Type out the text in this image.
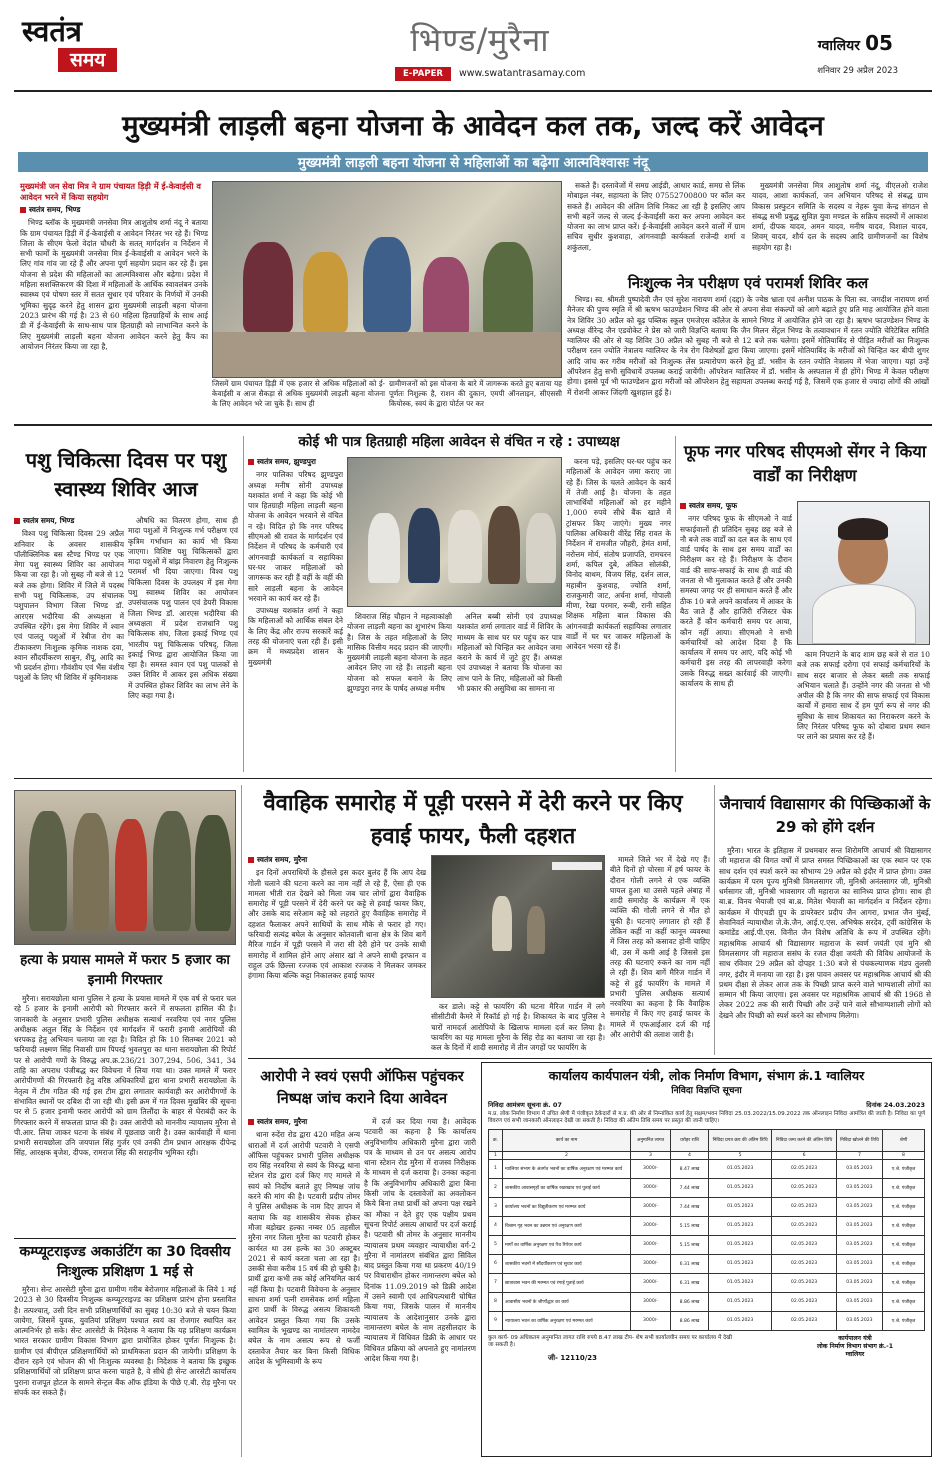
स्वतंत्र
समय
भिण्ड/मुरैना
E-PAPER	www.swatantrasamay.com
ग्वालियर 05
शनिवार 29 अप्रैल 2023
मुख्यमंत्री लाड़ली बहना योजना के आवेदन कल तक, जल्द करें आवेदन
मुख्यमंत्री लाड़ली बहना योजना से महिलाओं का बढ़ेगा आत्मविश्वासः नंदू
मुख्यमंत्री जन सेवा मित्र ने ग्राम पंचायत ड़िड़ी में ई-केवाईसी व आवेदन भरने में किया सहयोग
स्वतंत्र समय, भिण्ड

भिण्ड ब्लॉक के मुख्यमंत्री जनसेवा मित्र आशुतोष शर्मा नंदू ने बताया कि ग्राम पंचायत ड़िड़ी में ई-केवाईसी व आवेदन निरंतर भर रहे हैं। भिण्ड जिला के सीएम फेलो वेदांत चौधरी के सतत् मार्गदर्शन व निर्देशन में सभी फार्मों के मुख्यमंत्री जनसेवा मित्र ई-केवाईसी व आवेदन भरने के लिए गांव गांव जा रहे हैं और अपना पूर्ण सहयोग प्रदान कर रहे हैं। इस योजना से प्रदेश की महिलाओं का आत्मविश्वास और बढ़ेगा। प्रदेश में महिला सशक्तिकरण की दिशा में महिलाओं के आर्थिक स्वावलंबन उनके स्वास्थ्य एवं पोषण स्तर में सतत सुधार एवं परिवार के निर्णयों में उनकी भूमिका सुदृढ़ करने हेतु शासन द्वारा मुख्यमंत्री लाड़ली बहना योजना 2023 प्रारंभ की गई है। 23 से 60 महिला हितग्राहियों के साथ आई डी में ई-केवाईसी के साथ-साथ पात्र हितग्राही को लाभान्वित करने के लिए मुख्यमंत्री लाड़ली बहना योजना आवेदन करने हेतु कैंप का आयोजन निरंतर किया जा रहा है,

जिसमें ग्राम पंचायत ड़िड़ी में एक हजार से अधिक महिलाओं को ई-केवाईसी व आज सैकड़ा से अधिक मुख्यमंत्री लाड़ली बहना योजना के लिए आवेदन भरे जा चुके हैं। साथ ही
ग्रामीणजनों को इस योजना के बारे में जागरूक करते हुए बताया यह पूर्णतः निशुल्क है, राशन की दुकान, एमपी ऑनलाइन, सीएससी कियोस्क, स्वयं के द्वारा पोर्टल पर कर

सकते हैं। दस्तावेजों में समग्र आईडी, आधार कार्ड, समग्र से लिंक मोबाइल नंबर, सहायता के लिए 07552700800 पर कॉल कर सकते हैं। आवेदन की अंतिम तिथि निकट आ रही है इसलिए आप सभी बहनें जल्द से जल्द ई-केवाईसी करा कर अपना आवेदन कर योजना का लाभ प्राप्त करें। ई-केवाईसी आवेदन करने वालों में ग्राम सचिव सुधीर कुशवाहा, आंगनवाड़ी कार्यकर्ता राजेन्दी शर्मा व शकुंतला,

मुख्यमंत्री जनसेवा मित्र आशुतोष शर्मा नंदू, वीएलओ राजेश यादव, आशा कार्यकर्ता, जन अभियान परिषद से संबद्ध ग्राम विकास प्रस्फुटन समिति के सदस्य व नेहरू युवा केन्द्र संगठन से संबद्ध सभी प्रबुद्ध सुविज्ञ युवा मण्डल के सक्रिय सदस्यों में आकाश शर्मा, दीपक यादव, अमन यादव, मनीष यादव, विशाल यादव, शिवम् यादव, शौर्य दल के सदस्य आदि ग्रामीणजनों का विशेष सहयोग रहा है।

निःशुल्क नेत्र परीक्षण एवं परामर्श शिविर कल
भिण्ड। स्व. श्रीमती पुष्पादेवी जैन एवं सुरेश नारायण शर्मा (दद्दा) के ज्येष्ठ भ्राता एवं अनीश पाठक के पिता स्व. जगदीश नारायण शर्मा मैनेजर की पुण्य स्मृति में श्री ऋषभ फाउण्डेशन भिण्ड की ओर से अपना सेवा संकल्पों को आगे बढ़ाते हुए प्रति माह आयोजित होने वाला नेत्र शिविर 30 अप्रैल को बूढ़ पब्लिक स्कूल एमजेएस कॉलेज के सामने भिण्ड में आयोजित होने जा रहा है। ऋषभ फाउण्डेशन भिण्ड के अध्यक्ष वीरेन्द्र जैन एडवोकेट ने प्रेस को जारी विज्ञप्ति बताया कि जैन मिलन सेंट्रल भिण्ड के तत्वावधान में रतन ज्योति चेरिटेबिल समिति ग्वालियर की ओर से यह शिविर 30 अप्रैल को सुबह नौ बजे से 12 बजे तक चलेगा। इसमें मोतियाबिंद से पीड़ित मरीजों का निःशुल्क परीक्षण रतन ज्योति नेत्रालय ग्वालियर के नेत्र रोग विशेषज्ञों द्वारा किया जाएगा। इसमें मोतियाबिंद के मरीजों को चिन्हित कर बीपी शुगर आदि जांच कर गरीब मरीजों को निःशुल्क लेंस प्रत्यारोपण करने हेतु डॉ. भसीन के रतन ज्योति नेत्रालय में भेजा जाएगा। यहां उन्हें ऑपरेशन हेतु सभी सुविधायें उपलब्ध कराई जायेंगी। ऑपरेशन ग्वालियर में डॉ. भसीन के अस्पताल में ही होंगे। भिण्ड में केवल परीक्षण होगा। इससे पूर्व भी फाउण्डेशन द्वारा मरीजों को ऑपरेशन हेतु सहायता उपलब्ध कराई गई है, जिसमें एक हजार से ज्यादा लोगों की आंखों में रोशनी आकर जिंदगी खुशहाल हुई है।
पशु चिकित्सा दिवस पर पशु स्वास्थ्य शिविर आज
स्वतंत्र समय, भिण्ड

विश्व पशु चिकित्सा दिवस 29 अप्रैल शनिवार के अवसर शासकीय पॉलीक्लिनिक बस स्टैण्ड भिण्ड पर एक मेगा पशु स्वास्थ्य शिविर का आयोजन किया जा रहा है। जो सुबह नौ बजे से 12 बजे तक होगा। शिविर में जिले में पदस्थ सभी पशु चिकित्सक, उप संचालक पशुपालन विभाग जिला भिण्ड डॉ. आरएस भदौरिया की अध्यक्षता में उपस्थित रहेंगे। इस मेगा शिविर में श्वान एवं पालतू पशुओं में रेबीज रोग का टीकाकरण निःशुल्क कृमिक नाशक दवा, श्वान सौंदर्यीकरण साबुन, शैंपू, आदि का भी प्रदर्शन होगा। गौवंशीय एवं भैंस वंशीय पशुओं के लिए भी शिविर में कृमिनाशक

औषधि का वितरण होगा, साथ ही मादा पशुओं में निःशुल्क गर्भ परीक्षण एवं कृत्रिम गर्भाधान का कार्य भी किया जाएगा। विशिष्ट पशु चिकित्सकों द्वारा मादा पशुओं में बांझ निवारण हेतु निःशुल्क परामर्श भी दिया जाएगा। विश्व पशु चिकित्सा दिवस के उपलक्ष्य में इस मेगा पशु स्वास्थ्य शिविर का आयोजन उपसंचालक पशु पालन एवं डेयरी विकास जिला भिण्ड डॉ. आरएस भदौरिया की अध्यक्षता में प्रदेश राजधानि पशु चिकित्सक संघ, जिला इकाई भिण्ड एवं भारतीय पशु चिकित्सक परिषद्, जिला इकाई भिण्ड द्वारा आयोजित किया जा रहा है। समस्त श्वान एवं पशु पालकों से उक्त शिविर में आकर इस अधिक संख्या में उपस्थित होकर शिविर का लाभ लेने के लिए कहा गया है।

कोई भी पात्र हितग्राही महिला आवेदन से वंचित न रहे : उपाध्यक्ष
स्वतंत्र समय, झुण्डपुरा

नगर पालिका परिषद झुण्डपुरा अध्यक्ष मनीष सोनी उपाध्यक्ष यशकांत शर्मा ने कहा कि कोई भी पात्र हितग्राही महिला लाड़ली बहना योजना के आवेदन भरवाने से वंचित न रहे। विदित हो कि नगर परिषद सीएमओ श्री रावत के मार्गदर्शन एवं निर्देशन में परिषद के कर्मचारी एवं आंगनवाड़ी कार्यकर्ता व सहायिका घर-घर जाकर महिलाओं को जागरूक कर रही हैं वहीं के वहीं की सारे लाड़ली बहना के आवेदन भरवाने का कार्य कर रहे हैं।

उपाध्यक्ष यशकांत शर्मा ने कहा कि महिलाओं को आर्थिक संबल देने के लिए केंद्र और राज्य सरकारें कई तरह की योजनाएं चला रही हैं। इसी क्रम में मध्यप्रदेश शासन के मुख्यमंत्री

शिवराज सिंह चौहान ने महत्वाकांक्षी योजना लाड़ली बहना का शुभारंभ किया है। जिस के तहत महिलाओं के लिए मासिक वित्तीय मदद प्रदान की जाएगी। मुख्यमंत्री लाड़ली बहना योजना के तहत आवेदन लिए जा रहे हैं। लाड़ली बहना योजना को सफल बनाने के लिए झुण्डपुरा नगर के पार्षद अध्यक्ष मनीष

अनिल बब्बी सोनी एवं उपाध्यक्ष यशकांत शर्मा लगातार वार्ड में शिविर के माध्यम के साथ घर घर पहुंच कर पात्र महिलाओं को चिन्हित कर आवेदन जमा कराने के कार्य में जुटे हुए हैं। अध्यक्ष एवं उपाध्यक्ष ने बताया कि योजना का लाभ पाने के लिए, महिलाओं को किसी भी प्रकार की असुविधा का सामना ना

करना पड़े, इसलिए घर-घर पहुंच कर महिलाओं के आवेदन जमा कराए जा रहे हैं। जिस के चलते आवेदन के कार्य में तेजी आई है। योजना के तहत लाभार्थियों महिलाओं को हर महीने 1,000 रुपये सीधे बैंक खाते में ट्रांसफर किए जाएंगे। मुख्य नगर पालिका अधिकारी वीरेंद्र सिंह रावत के निर्देशन में रामजीत जौहरी, हेमंत शर्मा, नरोत्तम मोर्य, संतोष प्रजापति, रामचरन शर्मा, कपिल दुबे, अंकित सोलंकी, विनोद बाथम, विजय सिंह, दर्शन लाल, महाबीन कुशवाह, ज्योति शर्मा, राजकुमारी जाट, अर्चना शर्मा, गोपाली मीणा, रेखा परमार, रूबी, रानी सहित शिक्षक महिला बाल विकास की आंगनवाड़ी कार्यकर्ता सहायिका लगातार वार्डों में घर घर जाकर महिलाओं के आवेदन भरवा रहे हैं।

फूफ नगर परिषद सीएमओ सेंगर ने किया वार्डों का निरीक्षण
स्वतंत्र समय, फूफ

नगर परिषद फूफ के सीएमओ ने वार्ड सफाईवालों ही प्रतिदिन सुबह छह बजे से नौ बजे तक वार्डों का दल बल के साथ एवं वार्ड पार्षद के साथ इस समय वार्डों का निरीक्षण कर रहे हैं। निरीक्षण के दौरान वार्ड की साफ-सफाई के साथ ही वार्ड की जनता से भी मुलाकात करते हैं और उनकी समस्या जगह पर ही समाधान करते हैं और ठीक 10 बजे अपने कार्यालय में आकर के बैठ जाते हैं और हाजिरी रजिस्टर चेक करते हैं कौन कर्मचारी समय पर आया, कौन नहीं आया। सीएमओ ने सभी कर्मचारियों को आदेश दिया है कि कार्यालय में समय पर आएं, यदि कोई भी कर्मचारी इस तरह की लापरवाही करेगा उसके विरुद्ध सख्त कार्रवाई की जाएगी। कार्यालय के साथ ही

काम निपटाने के बाद शाम छह बजे से रात 10 बजे तक सफाई दरोगा एवं सफाई कर्मचारियों के साथ सदर बाजार से लेकर बस्ती तक सफाई अभियान चलाते हैं। उन्होंने नगर की जनता से भी अपील की है कि नगर की साफ सफाई एवं विकास कार्यों में हमारा साथ दें हम पूर्ण रूप से नगर की सुविधा के साथ शिकायत का निराकरण करने के लिए निरंतर परिषद फूफ को दोबारा प्रथम स्थान पर लाने का प्रयास कर रहे हैं।

हत्या के प्रयास मामले में फरार 5 हजार का इनामी गिरफ्तार
मुरैना। सरायछोला थाना पुलिस ने हत्या के प्रयास मामले में एक वर्ष से फरार चल रहे 5 हजार के इनामी आरोपी को गिरफ्तार करने में सफलता हासिल की है। जानकारी के अनुसार प्रभारी पुलिस अधीक्षक सत्यार्थ नरवरिया एवं नगर पुलिस अधीक्षक अतुल सिंह के निर्देशन एवं मार्गदर्शन में फरारी इनामी आरोपियों की धरपकड़ हेतु अभियान चलाया जा रहा है। विदित हो कि 10 सितम्बर 2021 को फरियादी लक्ष्मण सिंह निवासी ग्राम पिपरई भुवलपुरा का थाना सरायछोला की रिपोर्ट पर से आरोपी गणों के विरुद्ध अप.क्र.236/21 307,294, 506, 341, 34 ताहि का अपराध पंजीबद्ध कर विवेचना में लिया गया था। उक्त मामले में फरार आरोपीगणों की गिरफ्तारी हेतु वरिष्ठ अधिकारियों द्वारा थाना प्रभारी सरायछोला के नेतृत्व में टीम गठित की गई इस टीम द्वारा लगातार कार्यवाही कर आरोपीगणों के संभावित स्थानों पर दबिश दी जा रही थी। इसी क्रम में गत दिवस मुखबिर की सूचना पर से 5 हजार इनामी फरार आरोपी को ग्राम तिलौंदा के बाहर से घेराबंदी कर के गिरफ्तार करने में सफलता प्राप्त की है। उक्त आरोपी को माननीय न्यायालय मुरैना से पी.आर. लिया जाकर घटना के संबंध में पूछताछ जारी है। उक्त कार्यवाही में थाना प्रभारी सरायछोला उनि जयपाल सिंह गुर्जर एवं उनकी टीम प्रधान आरक्षक दीपेन्द्र सिंह, आरक्षक बृजेश, दीपक, रामराज सिंह की सराहनीय भूमिका रही।
कम्प्यूटराइज्ड अकाउंटिंग का 30 दिवसीय निःशुल्क प्रशिक्षण 1 मई से
मुरैना। सेन्ट आरसेटी मुरैना द्वारा ग्रामीण गरीब बेरोजगार महिलाओं के लिये 1 मई 2023 से 30 दिवसीय निःशुल्क कम्प्यूटराइज्ड का प्रशिक्षण प्रारंभ होना प्रस्तावित है। तत्पश्चात्, उसी दिन सभी प्रशिक्षणार्थियों का सुबह 10:30 बजे से चयन किया जायेगा, जिसमें युवक, युवतियां प्रशिक्षण पश्चात स्वयं का रोजगार स्थापित कर आत्मनिर्भर हो सके। सेन्ट आरसेटी के निदेशक ने बताया कि यह प्रशिक्षण कार्यक्रम भारत सरकार ग्रामीण विकास विभाग द्वारा प्रायोजित होकर पूर्णतः निःशुल्क है। ग्रामीण एवं बीपीएल प्रशिक्षणार्थियों को प्राथमिकता प्रदान की जायेगी। प्रशिक्षण के दौरान रहने एवं भोजन की भी निःशुल्क व्यवस्था है। निदेशक ने बताया कि इच्छुक प्रशिक्षणार्थियों जो प्रशिक्षण प्राप्त करना चाहते है, वे सीधे ही सेन्ट आरसेटी कार्यालय पुराना राजपूत होटल के सामने सेन्ट्रल बैंक ऑफ इंडिया के पीछे ए.बी. रोड़ मुरैना पर संपर्क कर सकते हैं।
वैवाहिक समारोह में पूड़ी परसने में देरी करने पर किए हवाई फायर, फैली दहशत
स्वतंत्र समय, मुरैना

इन दिनों अपराधियों के हौसले इस कदर बुलंद हैं कि आप देख गोली चलाने की घटना करने का नाम नहीं ले रहे हैं, ऐसा ही एक मामला भीती रात देखने को मिला जब चार लोगों द्वारा वैवाहिक समारोह में पूड़ी परसने में देरी करने पर कट्टे से हवाई फायर किए, और उसके बाद सरेआम कट्टे को लहराते हुए वैवाहिक समारोह में दहशत फैलाकर अपने साथियों के साथ मौके से फरार हो गए। फरियादी सत्यंद्र बघेल के अनुसार कोतवाली थाना क्षेत्र के शिव बागें मैरिज गार्डन में पूड़ी परसने में जरा सी देरी होने पर उनके साथी समारोह में शामिल होने आए अंसार खां ने अपने साथी इरफान व राहुल उर्फ छिल्ला रज्जक एवं आकाश रज्जक ने मिलकर जमकर हंगामा किया बल्कि कट्टा निकालकर हवाई फायर

कर डाले। कट्टे से फायरिंग की घटना मैरिज गार्डन में लगे सीसीटीवी कैमरे में रिकॉर्ड हो गई है। शिकायत के बाद पुलिस ने चारों नामदर्ज आरोपियों के खिलाफ मामला दर्ज कर लिया है। फायरिंग का यह मामला मुरैना के सिंह रोड़ का बताया जा रहा है। कल के दिनों में शादी समारोह में तीन जगहों पर फायरिंग के

मामले जिले भर में देखे गए हैं। बीते दिनों हो चोरसा में हर्ष फायर के दौरान गोली लगने से एक व्यक्ति घायल हुआ था उससे पहले अंबाह में शादी समारोह के कार्यक्रम में एक व्यक्ति की गोली लगने से मौत हो चुकी है। घटनाएं लगातार हो रही हैं लेकिन कहीं ना कहीं कानून व्यवस्था में जिस तरह को कसावट होनी चाहिए थी, उस में कमी आई है जिससे इस तरह की घटनाएं रुकने का नाम नहीं ले रही हैं। शिव बागें मैरिज गार्डन में कट्टे से हुई फायरिंग के मामले में प्रभारी पुलिस अधीक्षक सत्यार्थ नरवरिया का कहना है कि वैवाहिक समारोह में किए गए हवाई फायर के मामले में एफआईआर दर्ज की गई और आरोपी की तलाश जारी है।

जैनाचार्य विद्यासागर की पिच्छिकाओं के 29 को होंगे दर्शन
मुरैना। भारत के इतिहास में प्रथमबार सन्त शिरोमणि आचार्य श्री विद्यासागर जी महाराज की विगत वर्षों में प्राप्त समस्त पिच्छिकाओं का एक स्थान पर एक साथ दर्शन एवं स्पर्श करने का सौभाग्य 29 अप्रैल को इंदौर में प्राप्त होगा। उक्त कार्यक्रम में परम पूज्य मुनिश्री विमलसागर जी, मुनिश्री अनंतसागर जी, मुनिश्री धर्मसागर जी, मुनिश्री भावसागर जी महाराज का सानिध्य प्राप्त होगा। साथ ही बा.ब्र. विनय भैयाजी एवं बा.ब्र. मितेश भैयाजी का मार्गदर्शन व निर्देशन रहेगा। कार्यक्रम में पीएचडी ग्रुप के डायरेक्टर प्रदीप जैन आगरा, प्रभात जैन मुंबई, सेवानिवर्त न्यायाधीश जे.के.जैन, आई.ए.एस. अभिषेक सरदेव, ट्वीं कांग्रेसिस के कमांडेंड आई.पी.एस. विनीत जैन विशेष अतिथि के रूप में उपस्थित रहेंगे। महाश्रमिक आचार्य श्री विद्यासागर महाराज के स्वर्ण जयंती एवं मुनि श्री विमलसागर जी महाराज ससंघ के रजत दीक्षा जयंती की विविध आयोजनों के साथ रविवार 29 अप्रैल को दोपहर 1:30 बजे से पंचकल्याणक मंडप तुलसी नगर, इंदौर में मनाया जा रहा है। इस पावन अवसर पर महाश्रमिक आचार्य श्री की प्रथम दीक्षा से लेकर आज तक के पिच्छी प्राप्त करने वाले भाग्यशाली लोगों का सम्मान भी किया जाएगा। इस अवसर पर महाश्रमिक आचार्य श्री की 1968 से लेकर 2022 तक की सारी पिच्छी और उन्हें पाने वाले सौभाग्यशाली लोगों को देखने और पिच्छी को स्पर्श करने का सौभाग्य मिलेगा।
आरोपी ने स्वयं एसपी ऑफिस पहुंचकर निष्पक्ष जांच कराने दिया आवेदन
स्वतंत्र समय, मुरैना

थाना रुदेंरा रोड द्वारा 420 महित अन्य धाराओं में दर्ज आरोपी पटवारी ने एसपी ऑफिस पहुंचकर प्रभारी पुलिस अधीक्षक राय सिंह नरवरिया से स्वयं के विरुद्ध थाना स्टेशन रोड द्वारा दर्ज किए गए मामले में स्वयं को निर्दोष बताते हुए निष्पक्ष जांच करने की मांग की है। पटवारी प्रदीप तोमर ने पुलिस अधीक्षक के नाम दिए ज्ञापन में बताया कि वह शासकीय सेवक होकर मौजा बड़ोखर हल्का नम्बर 05 तहसील मुरैना नगर जिला मुरैना का पटवारी होकर कार्यरत था उस हल्के का 30 अक्टूबर 2021 से कार्य करता चला आ रहा है। उसकी सेवा करीब 15 वर्ष की हो चुकी है। प्रार्थी द्वारा कभी तक कोई अनियमित कार्य नहीं किया है। पटवारी विवेचना के अनुसार साधना शर्मा पत्नी रामसेवक शर्मा महिला द्वारा प्रार्थी के विरुद्ध असत्य शिकायती आवेदन प्रस्तुत किया गया कि उसके स्वामित्व के भूखण्ड का नामांतरण नामदेव बघेल के नाम असत्य रूप से फर्जी दस्तावेज तैयार कर बिना किसी विधिक आदेश के भूमिस्वामी के रूप

में दर्ज कर दिया गया है। आवेदक पटवारी का कहना है कि कार्यालय अनुविभागीय अधिकारी मुरैना द्वारा जारी पत्र के माध्यम से उन पर असत्य आरोप थाना स्टेशन रोड मुरैना में राजस्व निरीक्षक के माध्यम से दर्ज कराया है। उनका कहना है कि अनुविभागीय अधिकारी द्वारा बिना किसी जांच के दस्तावेजों का अवलोकन किये बिना तथा प्रार्थी को अपना पक्ष रखने का मौका न देते हुए एक पक्षीय प्रथम सूचना रिपोर्ट असत्य आधारों पर दर्ज कराई है। पटवारी श्री तोमर के अनुसार माननीय न्यायालय प्रथम व्यवहार न्यायाधीश वर्ग-2 मुरैना में नामांतरण संबंधित द्वारा सिविल बाद प्रस्तुत किया गया था प्रकरण 40/19 पर विचाराधीन होकर नामान्तरण बघेल को दिनांक 11.09.2019 को डिक्री आदेश में उसने स्वामी एवं आधिपत्यधारी घोषित किया गया, जिसके पालन में माननीय न्यायालय के आदेशानुसार उनके द्वारा नामान्तरण बघेल के नाम तहसीलदार के न्यायालय में विधिवत डिक्री के आधार पर विधिवत प्रक्रिया को अपनाते हुए नामांतरण आदेश किया गया है।

कार्यालय कार्यपालन यंत्री, लोक निर्माण विभाग, संभाग क्रं.1 ग्वालियर
निविदा विज्ञप्ति सूचना
निविदा आमंत्रण सूचना क्रं. 07	दिनांक 24.03.2023
म.प्र. लोक निर्माण विभाग में उचित श्रेणी में पंजीकृत ठेकेदारों से म.प्र. की ओर से निम्नांकित कार्य हेतु सक्षम/भवन निविदा 25.03.2022/15.09.2022 तक ऑनलाइन निविदा आमंत्रित की जाती है। निविदा का पूर्ण विवरण एवं सभी जानकारी ऑनलाइन देखी जा सकती है। निविदा की अंतिम तिथि समय पर प्रस्तुत की जानी चाहिए।
क्र.	कार्य का नाम	अनुमानित लागत	धरोहर राशि	निविदा प्रपत्र क्रय की अंतिम तिथि	निविदा जमा करने की अंतिम तिथि	निविदा खोलने की तिथि	श्रेणी
1	2	3	4	5	6	7	8
1	ग्वालियर संभाग के अंतर्गत भवनों का वार्षिक अनुरक्षण एवं मरम्मत कार्य	3000/-	8.47 लाख	01.05.2023	02.05.2023	03.05.2023	ए.श्रे. पंजीकृत
2	शासकीय आवासगृहों का वार्षिक रखरखाव एवं पुताई कार्य	3000/-	7.44 लाख	01.05.2023	02.05.2023	03.05.2023	ए.श्रे. पंजीकृत
3	कार्यालय भवनों का विद्युतीकरण एवं मरम्मत कार्य	3000/-	7.44 लाख	01.05.2023	02.05.2023	03.05.2023	ए.श्रे. पंजीकृत
4	विश्राम गृह भवन का उन्नयन एवं अनुरक्षण कार्य	3000/-	5.15 लाख	01.05.2023	02.05.2023	03.05.2023	ए.श्रे. पंजीकृत
5	मार्गों का वार्षिक अनुरक्षण एवं पैच रिपेयर कार्य	3000/-	5.15 लाख	01.05.2023	02.05.2023	03.05.2023	ए.श्रे. पंजीकृत
6	शासकीय भवनों में सौंदर्यीकरण एवं सुधार कार्य	3000/-	6.31 लाख	01.05.2023	02.05.2023	03.05.2023	ए.श्रे. पंजीकृत
7	छात्रावास भवन की मरम्मत एवं रंगाई पुताई कार्य	3000/-	6.31 लाख	01.05.2023	02.05.2023	03.05.2023	ए.श्रे. पंजीकृत
8	आवासीय भवनों के जीर्णोद्धार का कार्य	3000/-	8.86 लाख	01.05.2023	02.05.2023	03.05.2023	ए.श्रे. पंजीकृत
9	न्यायालय भवन का वार्षिक अनुरक्षण एवं मरम्मत कार्य	3000/-	8.86 लाख	01.05.2023	02.05.2023	03.05.2023	ए.श्रे. पंजीकृत
कुल कार्य- 09 अधिकतम अनुमानित लागत राशि रुपये 8.47 लाख टीप- शेष सभी कार्यालयीन समय पर कार्यालय में देखी जा सकती है।
जी- 12110/23
कार्यपालन यंत्री
लोक निर्माण विभाग संभाग क्रं.-1
ग्वालियर
